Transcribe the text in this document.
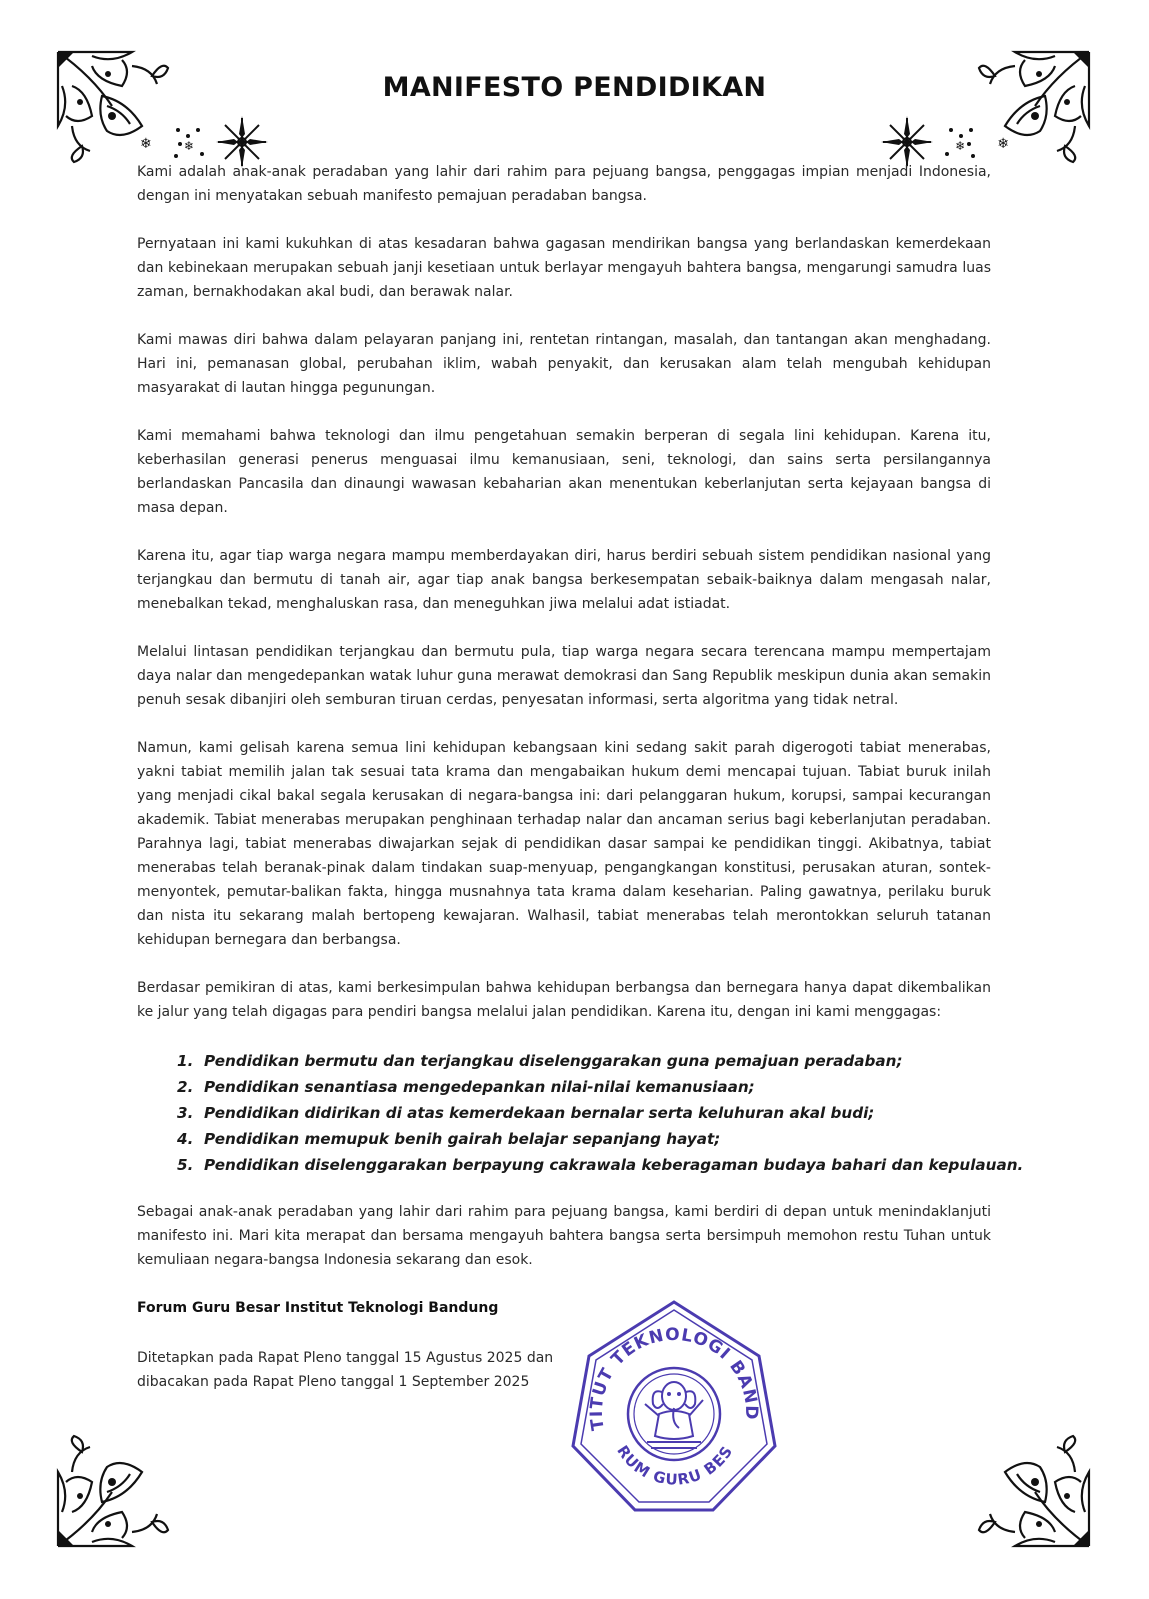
MANIFESTO PENDIDIKAN
❄	❄	❄
❄

Kami adalah anak-anak peradaban yang lahir dari rahim para pejuang bangsa, penggagas impian menjadi Indonesia, dengan ini menyatakan sebuah manifesto pemajuan peradaban bangsa.

Pernyataan ini kami kukuhkan di atas kesadaran bahwa gagasan mendirikan bangsa yang berlandaskan kemerdekaan dan kebinekaan merupakan sebuah janji kesetiaan untuk berlayar mengayuh bahtera bangsa, mengarungi samudra luas zaman, bernakhodakan akal budi, dan berawak nalar.

Kami mawas diri bahwa dalam pelayaran panjang ini, rentetan rintangan, masalah, dan tantangan akan menghadang. Hari ini, pemanasan global, perubahan iklim, wabah penyakit, dan kerusakan alam telah mengubah kehidupan masyarakat di lautan hingga pegunungan.

Kami memahami bahwa teknologi dan ilmu pengetahuan semakin berperan di segala lini kehidupan. Karena itu, keberhasilan generasi penerus menguasai ilmu kemanusiaan, seni, teknologi, dan sains serta persilangannya berlandaskan Pancasila dan dinaungi wawasan kebaharian akan menentukan keberlanjutan serta kejayaan bangsa di masa depan.

Karena itu, agar tiap warga negara mampu memberdayakan diri, harus berdiri sebuah sistem pendidikan nasional yang terjangkau dan bermutu di tanah air, agar tiap anak bangsa berkesempatan sebaik-baiknya dalam mengasah nalar, menebalkan tekad, menghaluskan rasa, dan meneguhkan jiwa melalui adat istiadat.

Melalui lintasan pendidikan terjangkau dan bermutu pula, tiap warga negara secara terencana mampu mempertajam daya nalar dan mengedepankan watak luhur guna merawat demokrasi dan Sang Republik meskipun dunia akan semakin penuh sesak dibanjiri oleh semburan tiruan cerdas, penyesatan informasi, serta algoritma yang tidak netral.

Namun, kami gelisah karena semua lini kehidupan kebangsaan kini sedang sakit parah digerogoti tabiat menerabas, yakni tabiat memilih jalan tak sesuai tata krama dan mengabaikan hukum demi mencapai tujuan. Tabiat buruk inilah yang menjadi cikal bakal segala kerusakan di negara-bangsa ini: dari pelanggaran hukum, korupsi, sampai kecurangan akademik. Tabiat menerabas merupakan penghinaan terhadap nalar dan ancaman serius bagi keberlanjutan peradaban. Parahnya lagi, tabiat menerabas diwajarkan sejak di pendidikan dasar sampai ke pendidikan tinggi. Akibatnya, tabiat menerabas telah beranak-pinak dalam tindakan suap-menyuap, pengangkangan konstitusi, perusakan aturan, sontek-menyontek, pemutar-balikan fakta, hingga musnahnya tata krama dalam keseharian. Paling gawatnya, perilaku buruk dan nista itu sekarang malah bertopeng kewajaran. Walhasil, tabiat menerabas telah merontokkan seluruh tatanan kehidupan bernegara dan berbangsa.

Berdasar pemikiran di atas, kami berkesimpulan bahwa kehidupan berbangsa dan bernegara hanya dapat dikembalikan ke jalur yang telah digagas para pendiri bangsa melalui jalan pendidikan. Karena itu, dengan ini kami menggagas:

1. Pendidikan bermutu dan terjangkau diselenggarakan guna pemajuan peradaban;
2. Pendidikan senantiasa mengedepankan nilai-nilai kemanusiaan;
3. Pendidikan didirikan di atas kemerdekaan bernalar serta keluhuran akal budi;
4. Pendidikan memupuk benih gairah belajar sepanjang hayat;
5. Pendidikan diselenggarakan berpayung cakrawala keberagaman budaya bahari dan kepulauan.

Sebagai anak-anak peradaban yang lahir dari rahim para pejuang bangsa, kami berdiri di depan untuk menindaklanjuti manifesto ini. Mari kita merapat dan bersama mengayuh bahtera bangsa serta bersimpuh memohon restu Tuhan untuk kemuliaan negara-bangsa Indonesia sekarang dan esok.

Forum Guru Besar Institut Teknologi Bandung
Ditetapkan pada Rapat Pleno tanggal 15 Agustus 2025 dan
dibacakan pada Rapat Pleno tanggal 1 September 2025
TITUT TEKNOLOGI BAND
RUM GURU BES
